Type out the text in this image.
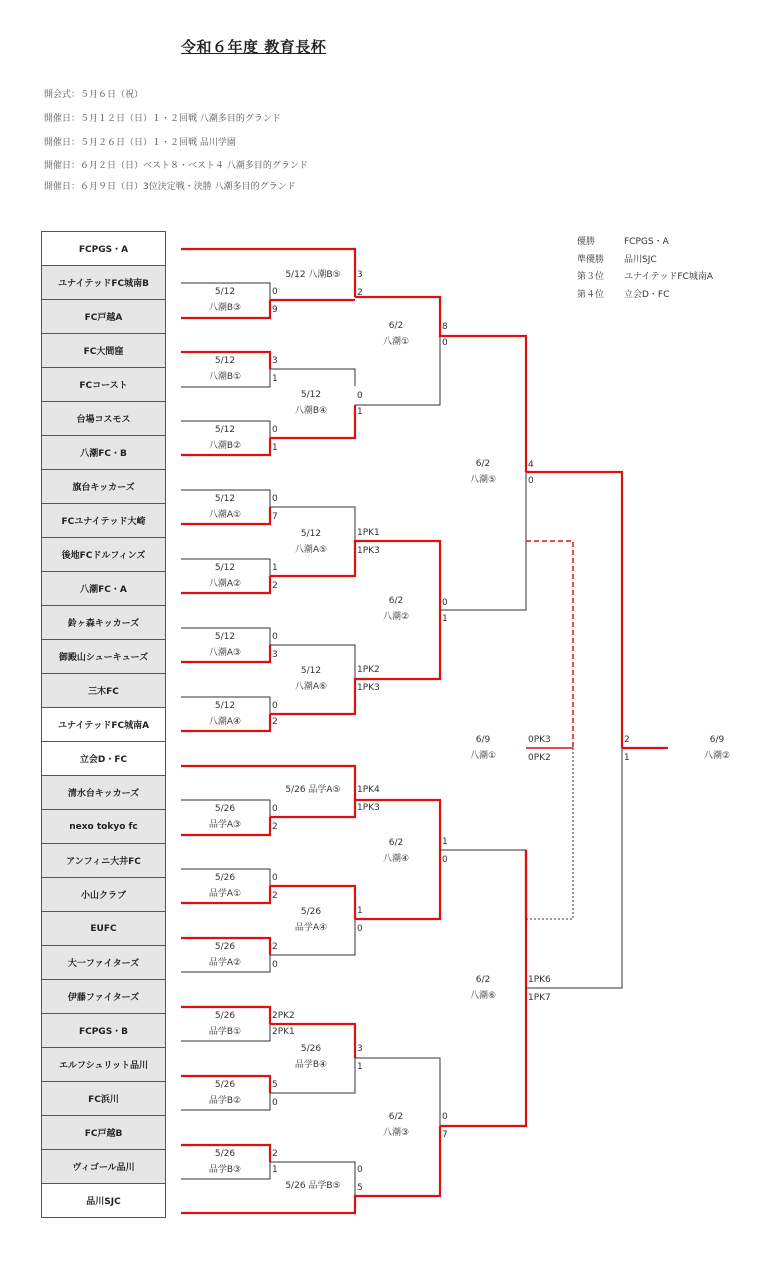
令和６年度 教育長杯
開会式：５月６日（祝）
開催日：５月１２日（日）１・２回戦 八潮多目的グランド
開催日：５月２６日（日）１・２回戦 品川学園
開催日：６月２日（日）ベスト８・ベスト４ 八潮多目的グランド
開催日：６月９日（日）3位決定戦・決勝 八潮多目的グランド
FCPGS・A
ユナイテッドFC城南B
FC戸越A
FC大間窪
FCコースト
台場コスモス
八潮FC・B
旗台キッカーズ
FCユナイテッド大崎
後地FCドルフィンズ
八潮FC・A
鈴ヶ森キッカーズ
御殿山シューキューズ
三木FC
ユナイテッドFC城南A
立会D・FC
清水台キッカーズ
nexo tokyo fc
アンフィニ大井FC
小山クラブ
EUFC
大一ファイターズ
伊藤ファイターズ
FCPGS・B
エルフシュリット品川
FC浜川
FC戸越B
ヴィゴール品川
品川SJC
優勝	FCPGS・A
準優勝 品川SJC
第３位 ユナイテッドFC城南A
第４位 立会D・FC
5/12
八潮B③
5/12
八潮B①
5/12
八潮B②
5/12
八潮A①
5/12
八潮A②
5/12
八潮A③
5/12
八潮A④
5/26
品学A③
5/26
品学A①
5/26
品学A②
5/26
品学B①
5/26
品学B②
5/26
品学B③
5/12
八潮B④
5/12
八潮A⑤
5/12
八潮A⑥
5/26
品学A④
5/26
品学B④
6/2
八潮①
6/2
八潮②
6/2
八潮④
6/2
八潮③
6/2
八潮⑤
6/2
八潮⑥
6/9
八潮①
6/9
八潮②
5/12 八潮B⑤
5/26 品学A⑤
5/26 品学B⑤
3
2
0
9
3
1
0
1
0
1
0
7
1
2
0
3
0
2
1PK1
1PK3
1PK2
1PK3
8
0
0
1
4
0
1PK4
1PK3
0
2
0
2
2
0
1
0
1
0
2PK2
2PK1
5
0
2
1
3
1
0
5
0
7
1PK6
1PK7
0PK3
0PK2
2
1
